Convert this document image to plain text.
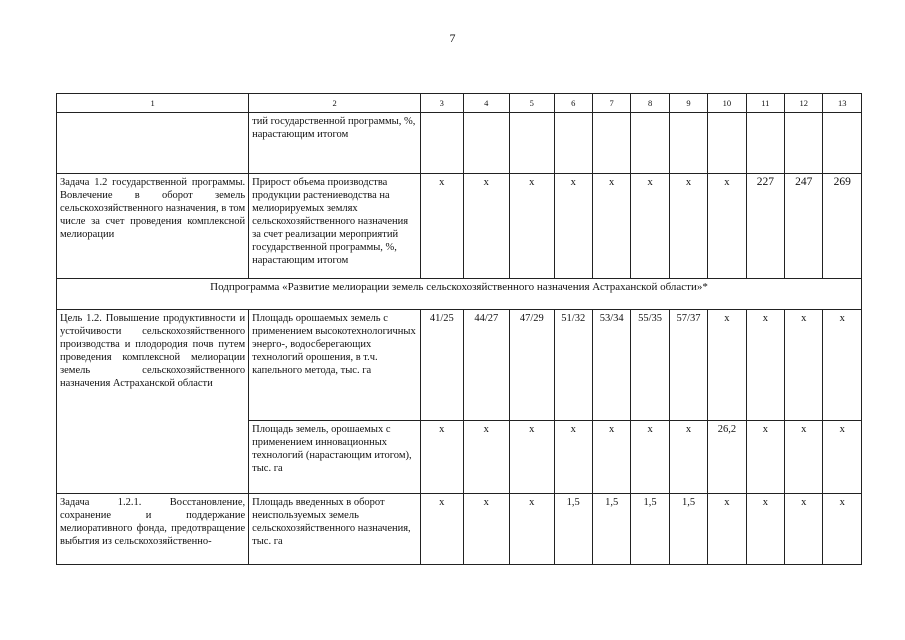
7
1	2	3	4	5	6	7	8	9	10	11	12	13
	тий государственной программы, %, нарастающим итогом											
Задача 1.2 государственной программы. Вовлечение в оборот земель сельскохозяйственного назначения, в том числе за счет проведения комплексной мелиорации	Прирост объема производства продукции растениеводства на мелиорируемых землях сельскохозяйственного назначения за счет реализации мероприятий государственной программы, %, нарастающим итогом	х	х	х	х	х	х	х	х	227	247	269
Подпрограмма «Развитие мелиорации земель сельскохозяйственного назначения Астраханской области»*												
Цель 1.2. Повышение продуктивности и устойчивости сельскохозяйственного производства и плодородия почв путем проведения комплексной мелиорации земель сельскохозяйственного назначения Астраханской области	Площадь орошаемых земель с применением высокотехнологичных энерго-, водосберегающих технологий орошения, в т.ч. капельного метода, тыс. га	41/25	44/27	47/29	51/32	53/34	55/35	57/37	х	х	х	х
	Площадь земель, орошаемых с применением инновационных технологий (нарастающим итогом), тыс. га	х	х	х	х	х	х	х	26,2	х	х	х
Задача 1.2.1. Восстановление, сохранение и поддержание мелиоративного фонда, предотвращение выбытия из сельскохозяйственно-	Площадь введенных в оборот неиспользуемых земель сельскохозяйственного назначения, тыс. га	х	х	х	1,5	1,5	1,5	1,5	х	х	х	х
